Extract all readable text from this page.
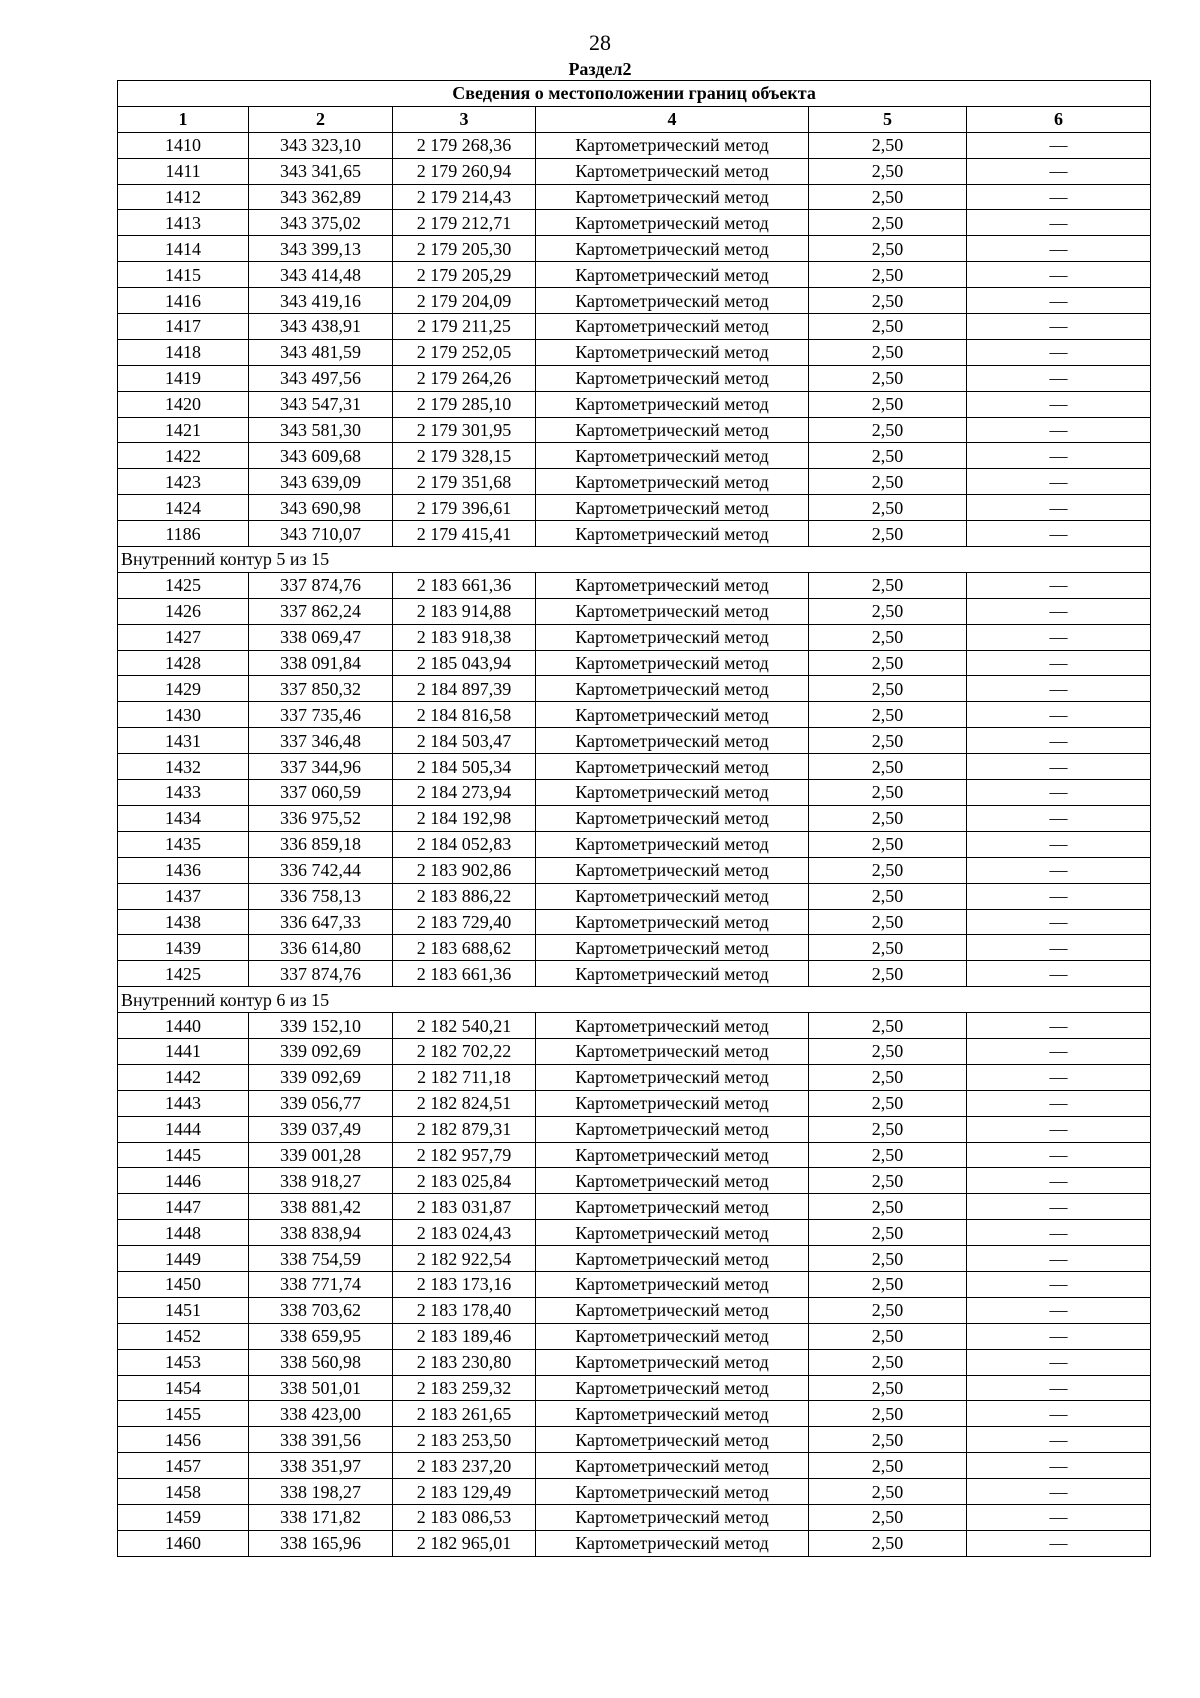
28
Раздел2
Сведения о местоположении границ объекта					
1	2	3	4	5	6
1410	343 323,10	2 179 268,36	Картометрический метод	2,50	—
1411	343 341,65	2 179 260,94	Картометрический метод	2,50	—
1412	343 362,89	2 179 214,43	Картометрический метод	2,50	—
1413	343 375,02	2 179 212,71	Картометрический метод	2,50	—
1414	343 399,13	2 179 205,30	Картометрический метод	2,50	—
1415	343 414,48	2 179 205,29	Картометрический метод	2,50	—
1416	343 419,16	2 179 204,09	Картометрический метод	2,50	—
1417	343 438,91	2 179 211,25	Картометрический метод	2,50	—
1418	343 481,59	2 179 252,05	Картометрический метод	2,50	—
1419	343 497,56	2 179 264,26	Картометрический метод	2,50	—
1420	343 547,31	2 179 285,10	Картометрический метод	2,50	—
1421	343 581,30	2 179 301,95	Картометрический метод	2,50	—
1422	343 609,68	2 179 328,15	Картометрический метод	2,50	—
1423	343 639,09	2 179 351,68	Картометрический метод	2,50	—
1424	343 690,98	2 179 396,61	Картометрический метод	2,50	—
1186	343 710,07	2 179 415,41	Картометрический метод	2,50	—
Внутренний контур 5 из 15					
1425	337 874,76	2 183 661,36	Картометрический метод	2,50	—
1426	337 862,24	2 183 914,88	Картометрический метод	2,50	—
1427	338 069,47	2 183 918,38	Картометрический метод	2,50	—
1428	338 091,84	2 185 043,94	Картометрический метод	2,50	—
1429	337 850,32	2 184 897,39	Картометрический метод	2,50	—
1430	337 735,46	2 184 816,58	Картометрический метод	2,50	—
1431	337 346,48	2 184 503,47	Картометрический метод	2,50	—
1432	337 344,96	2 184 505,34	Картометрический метод	2,50	—
1433	337 060,59	2 184 273,94	Картометрический метод	2,50	—
1434	336 975,52	2 184 192,98	Картометрический метод	2,50	—
1435	336 859,18	2 184 052,83	Картометрический метод	2,50	—
1436	336 742,44	2 183 902,86	Картометрический метод	2,50	—
1437	336 758,13	2 183 886,22	Картометрический метод	2,50	—
1438	336 647,33	2 183 729,40	Картометрический метод	2,50	—
1439	336 614,80	2 183 688,62	Картометрический метод	2,50	—
1425	337 874,76	2 183 661,36	Картометрический метод	2,50	—
Внутренний контур 6 из 15					
1440	339 152,10	2 182 540,21	Картометрический метод	2,50	—
1441	339 092,69	2 182 702,22	Картометрический метод	2,50	—
1442	339 092,69	2 182 711,18	Картометрический метод	2,50	—
1443	339 056,77	2 182 824,51	Картометрический метод	2,50	—
1444	339 037,49	2 182 879,31	Картометрический метод	2,50	—
1445	339 001,28	2 182 957,79	Картометрический метод	2,50	—
1446	338 918,27	2 183 025,84	Картометрический метод	2,50	—
1447	338 881,42	2 183 031,87	Картометрический метод	2,50	—
1448	338 838,94	2 183 024,43	Картометрический метод	2,50	—
1449	338 754,59	2 182 922,54	Картометрический метод	2,50	—
1450	338 771,74	2 183 173,16	Картометрический метод	2,50	—
1451	338 703,62	2 183 178,40	Картометрический метод	2,50	—
1452	338 659,95	2 183 189,46	Картометрический метод	2,50	—
1453	338 560,98	2 183 230,80	Картометрический метод	2,50	—
1454	338 501,01	2 183 259,32	Картометрический метод	2,50	—
1455	338 423,00	2 183 261,65	Картометрический метод	2,50	—
1456	338 391,56	2 183 253,50	Картометрический метод	2,50	—
1457	338 351,97	2 183 237,20	Картометрический метод	2,50	—
1458	338 198,27	2 183 129,49	Картометрический метод	2,50	—
1459	338 171,82	2 183 086,53	Картометрический метод	2,50	—
1460	338 165,96	2 182 965,01	Картометрический метод	2,50	—
